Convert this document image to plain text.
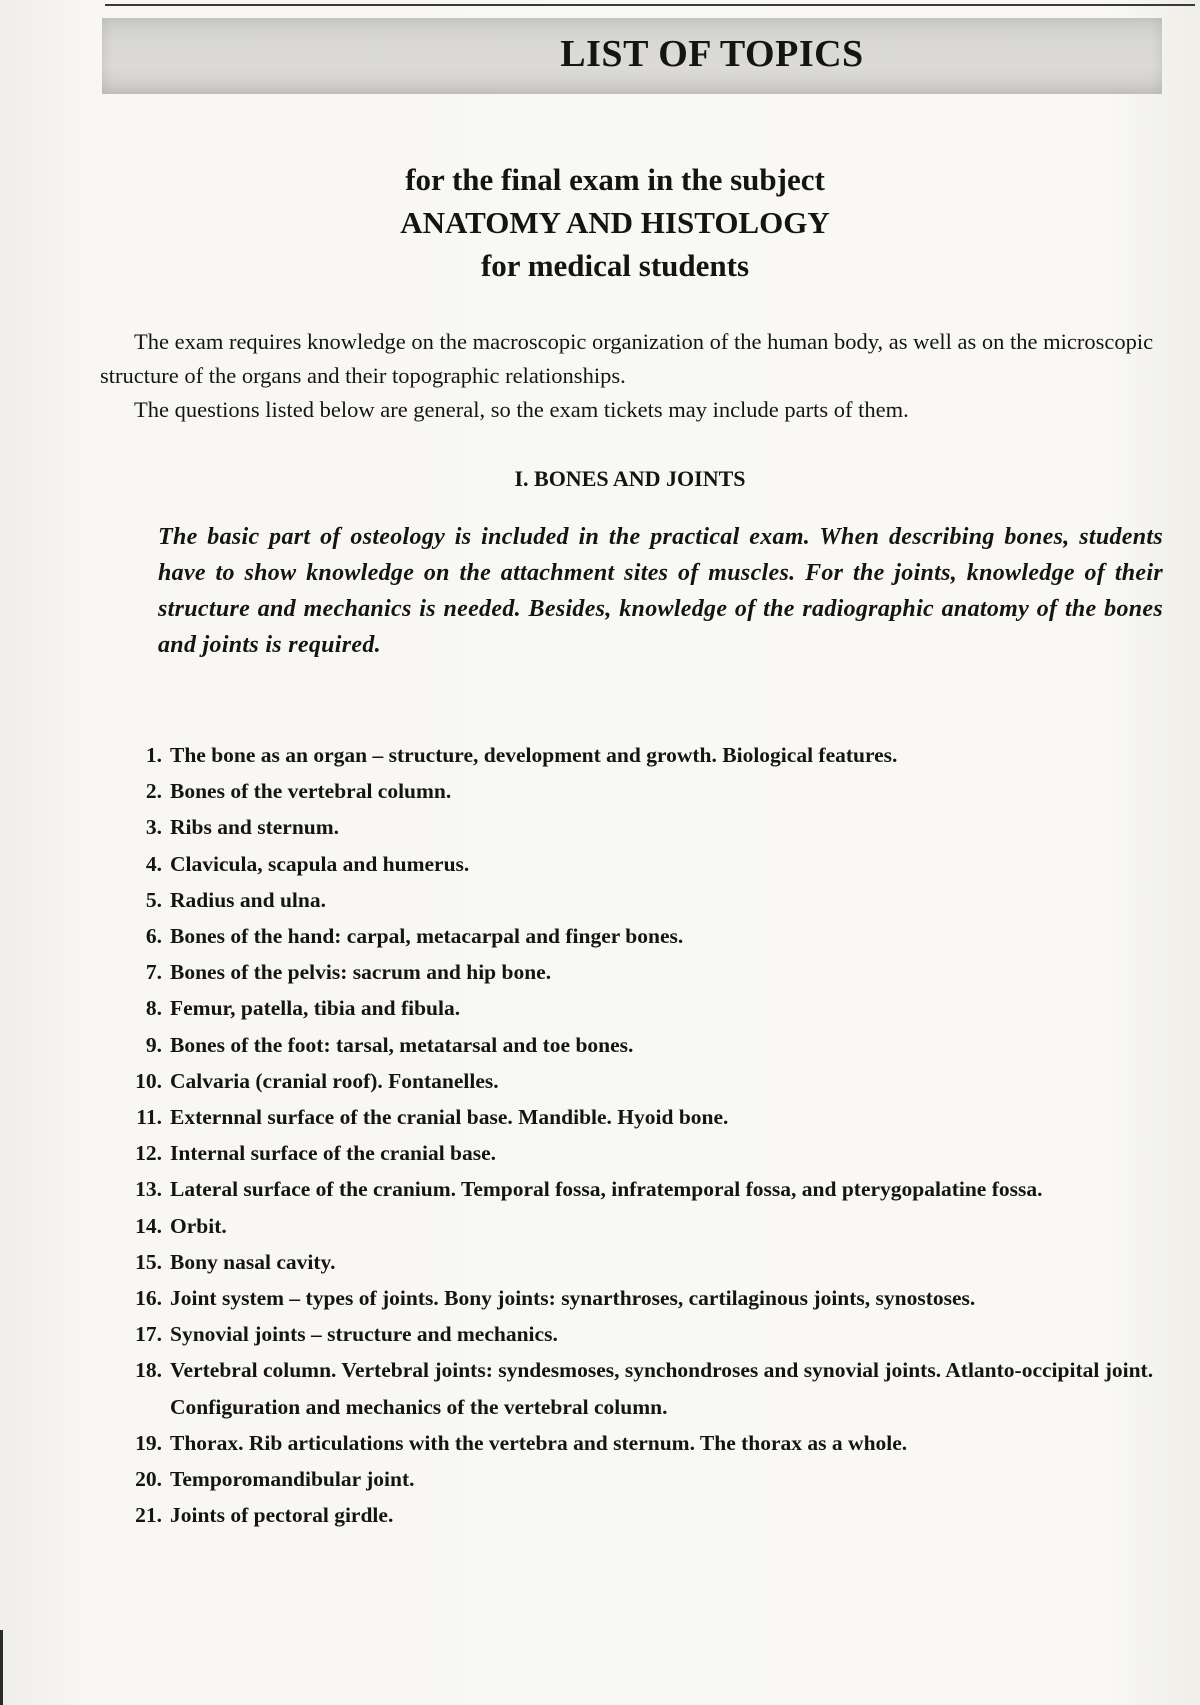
LIST OF TOPICS
for the final exam in the subject
ANATOMY AND HISTOLOGY
for medical students

The exam requires knowledge on the macroscopic organization of the human body, as well as on the microscopic structure of the organs and their topographic relationships.

The questions listed below are general, so the exam tickets may include parts of them.

I. BONES AND JOINTS
The basic part of osteology is included in the practical exam. When describing bones, students have to show knowledge on the attachment sites of muscles. For the joints, knowledge of their structure and mechanics is needed. Besides, knowledge of the radiographic anatomy of the bones and joints is required.
1. The bone as an organ – structure, development and growth. Biological features.
2. Bones of the vertebral column.
3. Ribs and sternum.
4. Clavicula, scapula and humerus.
5. Radius and ulna.
6. Bones of the hand: carpal, metacarpal and finger bones.
7. Bones of the pelvis: sacrum and hip bone.
8. Femur, patella, tibia and fibula.
9. Bones of the foot: tarsal, metatarsal and toe bones.
10. Calvaria (cranial roof). Fontanelles.
11. Externnal surface of the cranial base. Mandible. Hyoid bone.
12. Internal surface of the cranial base.
13. Lateral surface of the cranium. Temporal fossa, infratemporal fossa, and pterygopalatine fossa.
14. Orbit.
15. Bony nasal cavity.
16. Joint system – types of joints. Bony joints: synarthroses, cartilaginous joints, synostoses.
17. Synovial joints – structure and mechanics.
18. Vertebral column. Vertebral joints: syndesmoses, synchondroses and synovial joints. Atlanto-occipital joint. Configuration and mechanics of the vertebral column.
19. Thorax. Rib articulations with the vertebra and sternum. The thorax as a whole.
20. Temporomandibular joint.
21. Joints of pectoral girdle.
